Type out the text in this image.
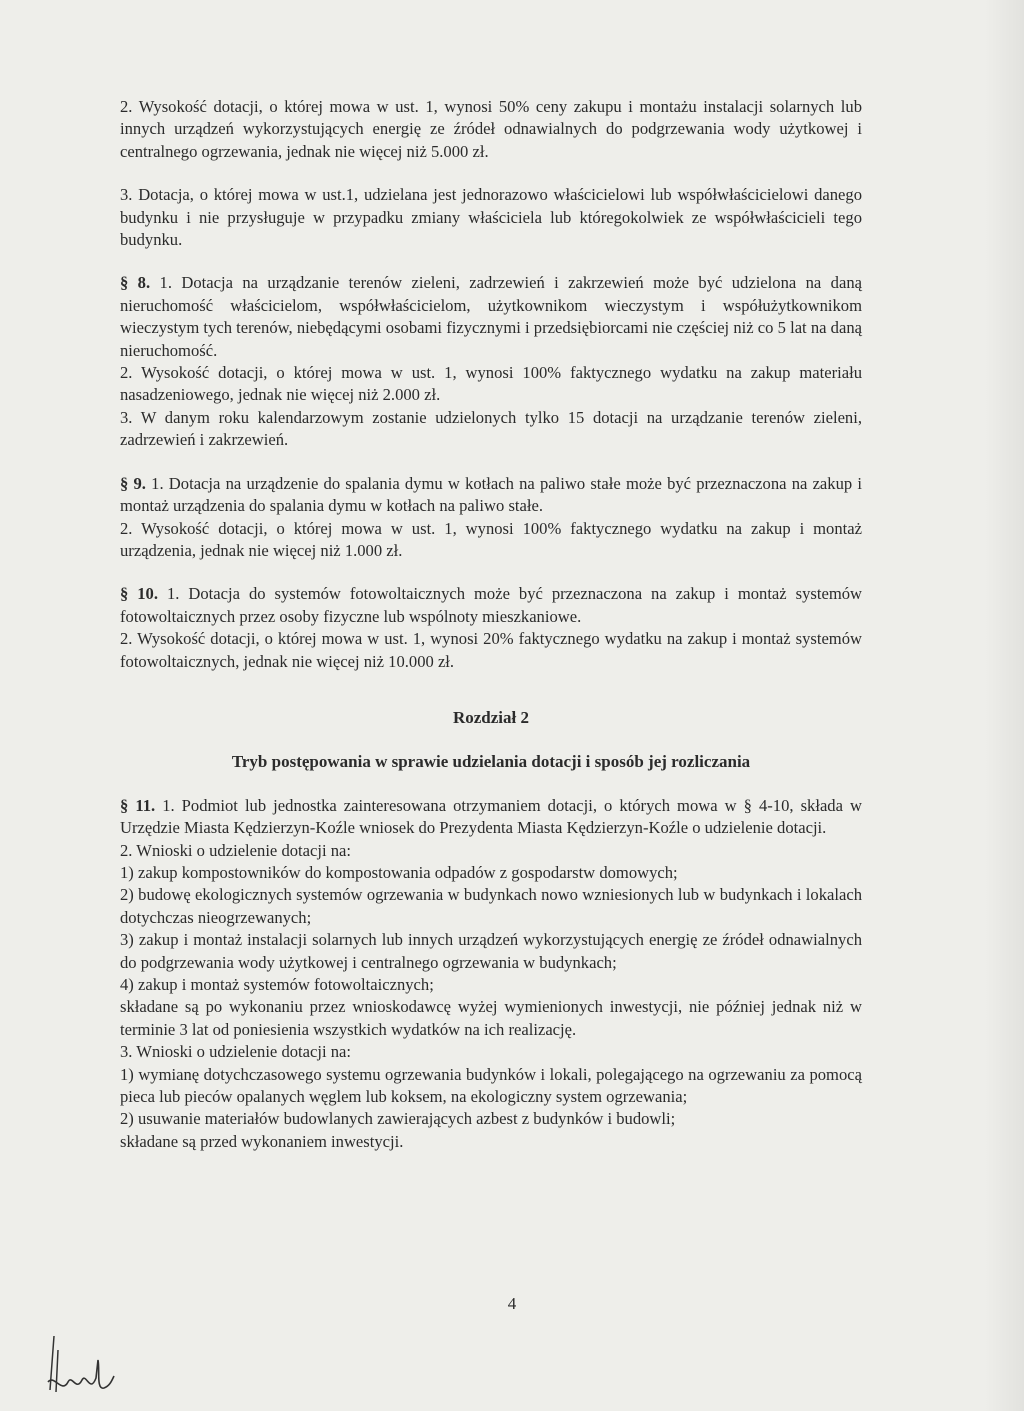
2. Wysokość dotacji, o której mowa w ust. 1, wynosi 50% ceny zakupu i montażu instalacji solarnych lub innych urządzeń wykorzystujących energię ze źródeł odnawialnych do podgrzewania wody użytkowej i centralnego ogrzewania, jednak nie więcej niż 5.000 zł.

3. Dotacja, o której mowa w ust.1, udzielana jest jednorazowo właścicielowi lub współwłaścicielowi danego budynku i nie przysługuje w przypadku zmiany właściciela lub któregokolwiek ze współwłaścicieli tego budynku.

§ 8. 1. Dotacja na urządzanie terenów zieleni, zadrzewień i zakrzewień może być udzielona na daną nieruchomość właścicielom, współwłaścicielom, użytkownikom wieczystym i współużytkownikom wieczystym tych terenów, niebędącymi osobami fizycznymi i przedsiębiorcami nie częściej niż co 5 lat na daną nieruchomość.

2. Wysokość dotacji, o której mowa w ust. 1, wynosi 100% faktycznego wydatku na zakup materiału nasadzeniowego, jednak nie więcej niż 2.000 zł.

3. W danym roku kalendarzowym zostanie udzielonych tylko 15 dotacji na urządzanie terenów zieleni, zadrzewień i zakrzewień.

§ 9. 1. Dotacja na urządzenie do spalania dymu w kotłach na paliwo stałe może być przeznaczona na zakup i montaż urządzenia do spalania dymu w kotłach na paliwo stałe.

2. Wysokość dotacji, o której mowa w ust. 1, wynosi 100% faktycznego wydatku na zakup i montaż urządzenia, jednak nie więcej niż 1.000 zł.

§ 10. 1. Dotacja do systemów fotowoltaicznych może być przeznaczona na zakup i montaż systemów fotowoltaicznych przez osoby fizyczne lub wspólnoty mieszkaniowe.

2. Wysokość dotacji, o której mowa w ust. 1, wynosi 20% faktycznego wydatku na zakup i montaż systemów fotowoltaicznych, jednak nie więcej niż 10.000 zł.

Rozdział 2

Tryb postępowania w sprawie udzielania dotacji i sposób jej rozliczania

§ 11. 1. Podmiot lub jednostka zainteresowana otrzymaniem dotacji, o których mowa w § 4-10, składa w Urzędzie Miasta Kędzierzyn-Koźle wniosek do Prezydenta Miasta Kędzierzyn-Koźle o udzielenie dotacji.

2. Wnioski o udzielenie dotacji na:

1) zakup kompostowników do kompostowania odpadów z gospodarstw domowych;

2) budowę ekologicznych systemów ogrzewania w budynkach nowo wzniesionych lub w budynkach i lokalach dotychczas nieogrzewanych;

3) zakup i montaż instalacji solarnych lub innych urządzeń wykorzystujących energię ze źródeł odnawialnych do podgrzewania wody użytkowej i centralnego ogrzewania w budynkach;

4) zakup i montaż systemów fotowoltaicznych;

składane są po wykonaniu przez wnioskodawcę wyżej wymienionych inwestycji, nie później jednak niż w terminie 3 lat od poniesienia wszystkich wydatków na ich realizację.

3. Wnioski o udzielenie dotacji na:

1) wymianę dotychczasowego systemu ogrzewania budynków i lokali, polegającego na ogrzewaniu za pomocą pieca lub pieców opalanych węglem lub koksem, na ekologiczny system ogrzewania;

2) usuwanie materiałów budowlanych zawierających azbest z budynków i budowli;

składane są przed wykonaniem inwestycji.

4
